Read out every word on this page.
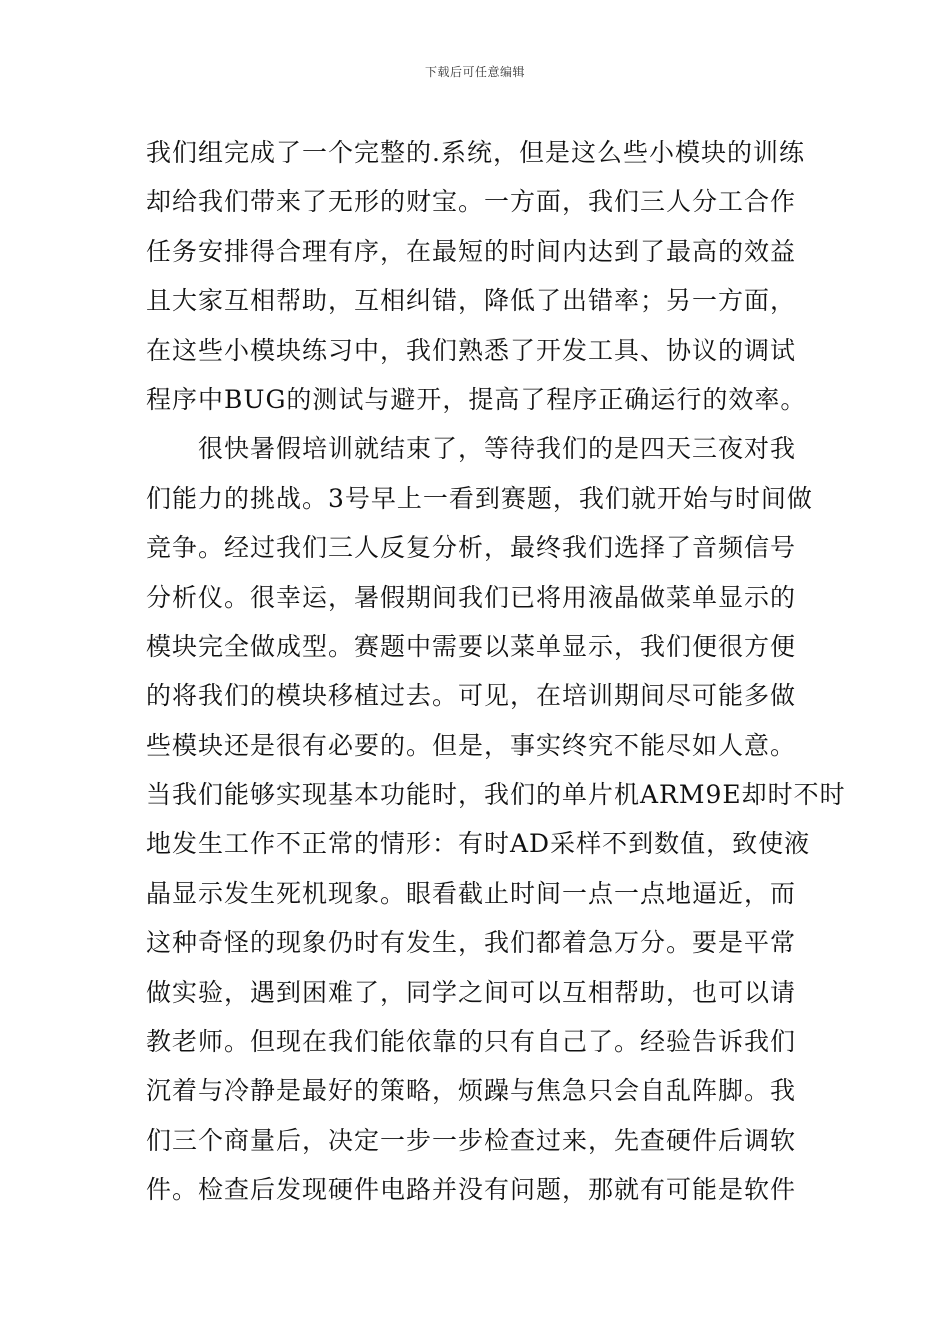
下载后可任意编辑
我们组完成了一个完整的.系统，但是这么些小模块的训练
却给我们带来了无形的财宝。一方面，我们三人分工合作
任务安排得合理有序，在最短的时间内达到了最高的效益
且大家互相帮助，互相纠错，降低了出错率；另一方面，
在这些小模块练习中，我们熟悉了开发工具、协议的调试
程序中BUG的测试与避开，提高了程序正确运行的效率。
　　很快暑假培训就结束了，等待我们的是四天三夜对我
们能力的挑战。3号早上一看到赛题，我们就开始与时间做
竞争。经过我们三人反复分析，最终我们选择了音频信号
分析仪。很幸运，暑假期间我们已将用液晶做菜单显示的
模块完全做成型。赛题中需要以菜单显示，我们便很方便
的将我们的模块移植过去。可见，在培训期间尽可能多做
些模块还是很有必要的。但是，事实终究不能尽如人意。
当我们能够实现基本功能时，我们的单片机ARM9E却时不时
地发生工作不正常的情形：有时AD采样不到数值，致使液
晶显示发生死机现象。眼看截止时间一点一点地逼近，而
这种奇怪的现象仍时有发生，我们都着急万分。要是平常
做实验，遇到困难了，同学之间可以互相帮助，也可以请
教老师。但现在我们能依靠的只有自己了。经验告诉我们
沉着与冷静是最好的策略，烦躁与焦急只会自乱阵脚。我
们三个商量后，决定一步一步检查过来，先查硬件后调软
件。检查后发现硬件电路并没有问题，那就有可能是软件
